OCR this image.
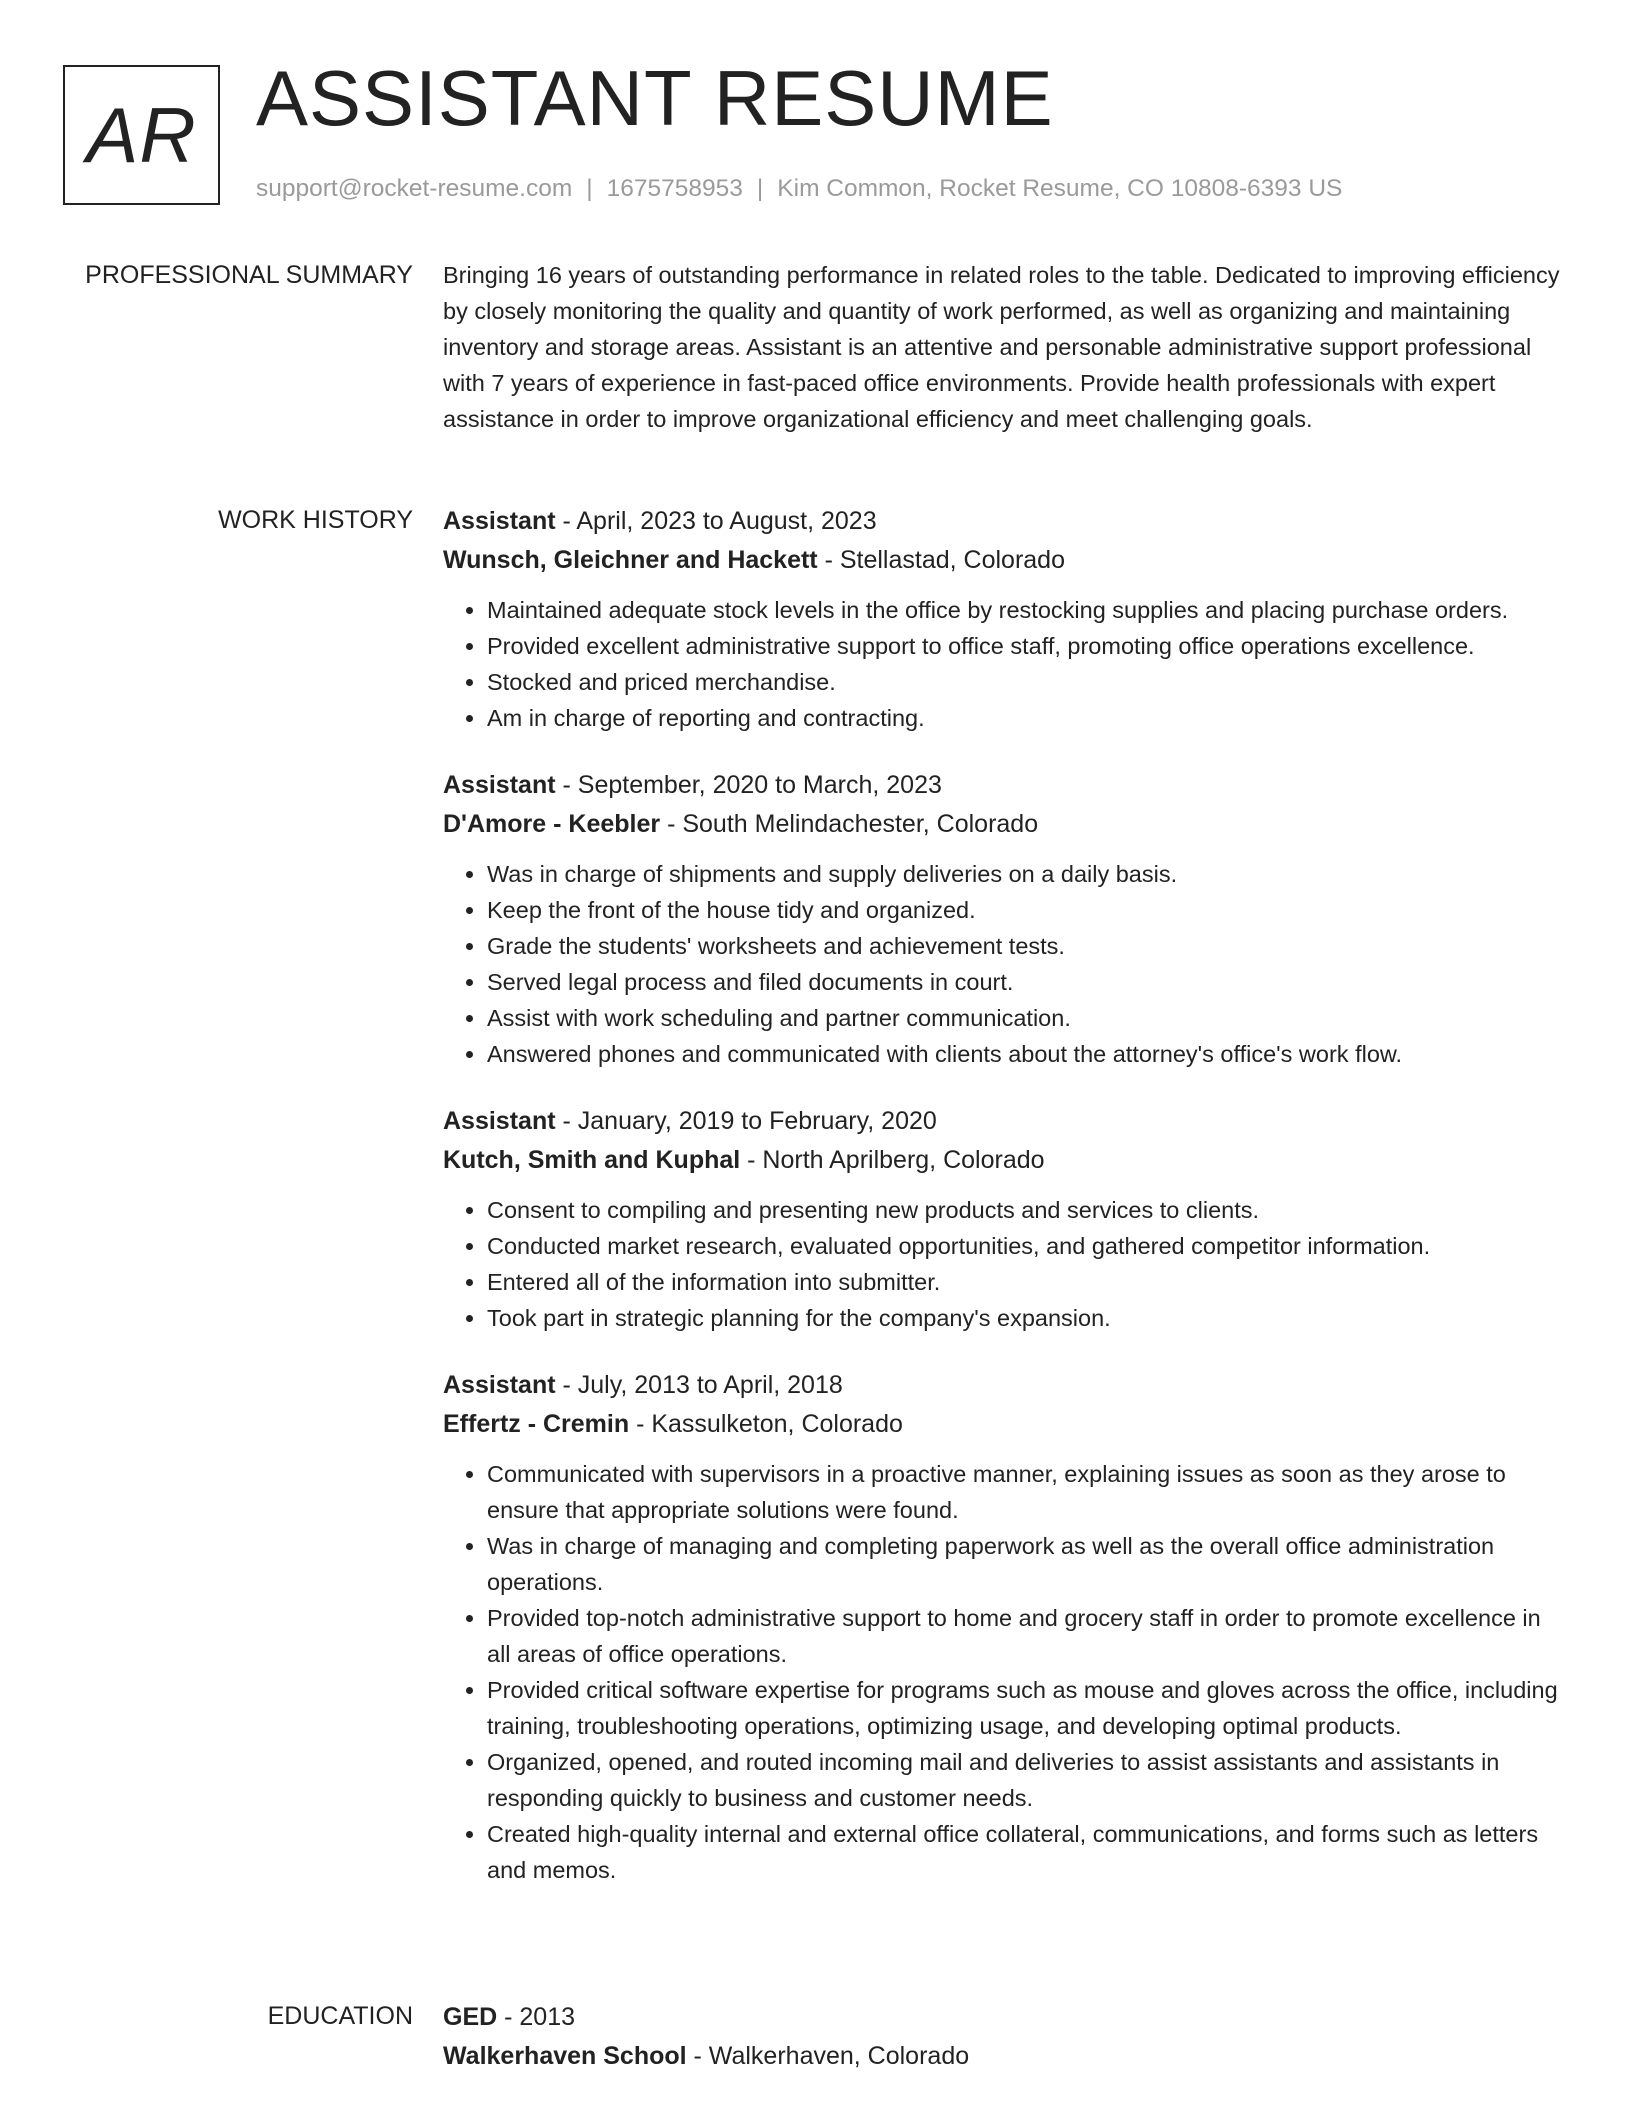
AR ASSISTANT RESUME
support@rocket-resume.com | 1675758953 | Kim Common, Rocket Resume, CO 10808-6393 US
PROFESSIONAL SUMMARY Bringing 16 years of outstanding performance in related roles to the table. Dedicated to improving efficiency by closely monitoring the quality and quantity of work performed, as well as organizing and maintaining inventory and storage areas. Assistant is an attentive and personable administrative support professional with 7 years of experience in fast-paced office environments. Provide health professionals with expert assistance in order to improve organizational efficiency and meet challenging goals.
WORK HISTORY Assistant - April, 2023 to August, 2023
Wunsch, Gleichner and Hackett - Stellastad, Colorado
• Maintained adequate stock levels in the office by restocking supplies and placing purchase orders.
• Provided excellent administrative support to office staff, promoting office operations excellence.
• Stocked and priced merchandise.
• Am in charge of reporting and contracting.
Assistant - September, 2020 to March, 2023
D'Amore - Keebler - South Melindachester, Colorado
• Was in charge of shipments and supply deliveries on a daily basis.
• Keep the front of the house tidy and organized.
• Grade the students' worksheets and achievement tests.
• Served legal process and filed documents in court.
• Assist with work scheduling and partner communication.
• Answered phones and communicated with clients about the attorney's office's work flow.
Assistant - January, 2019 to February, 2020
Kutch, Smith and Kuphal - North Aprilberg, Colorado
• Consent to compiling and presenting new products and services to clients.
• Conducted market research, evaluated opportunities, and gathered competitor information.
• Entered all of the information into submitter.
• Took part in strategic planning for the company's expansion.
Assistant - July, 2013 to April, 2018
Effertz - Cremin - Kassulketon, Colorado
• Communicated with supervisors in a proactive manner, explaining issues as soon as they arose to ensure that appropriate solutions were found.
• Was in charge of managing and completing paperwork as well as the overall office administration operations.
• Provided top-notch administrative support to home and grocery staff in order to promote excellence in all areas of office operations.
• Provided critical software expertise for programs such as mouse and gloves across the office, including training, troubleshooting operations, optimizing usage, and developing optimal products.
• Organized, opened, and routed incoming mail and deliveries to assist assistants and assistants in responding quickly to business and customer needs.
• Created high-quality internal and external office collateral, communications, and forms such as letters and memos.
EDUCATION GED - 2013
Walkerhaven School - Walkerhaven, Colorado
